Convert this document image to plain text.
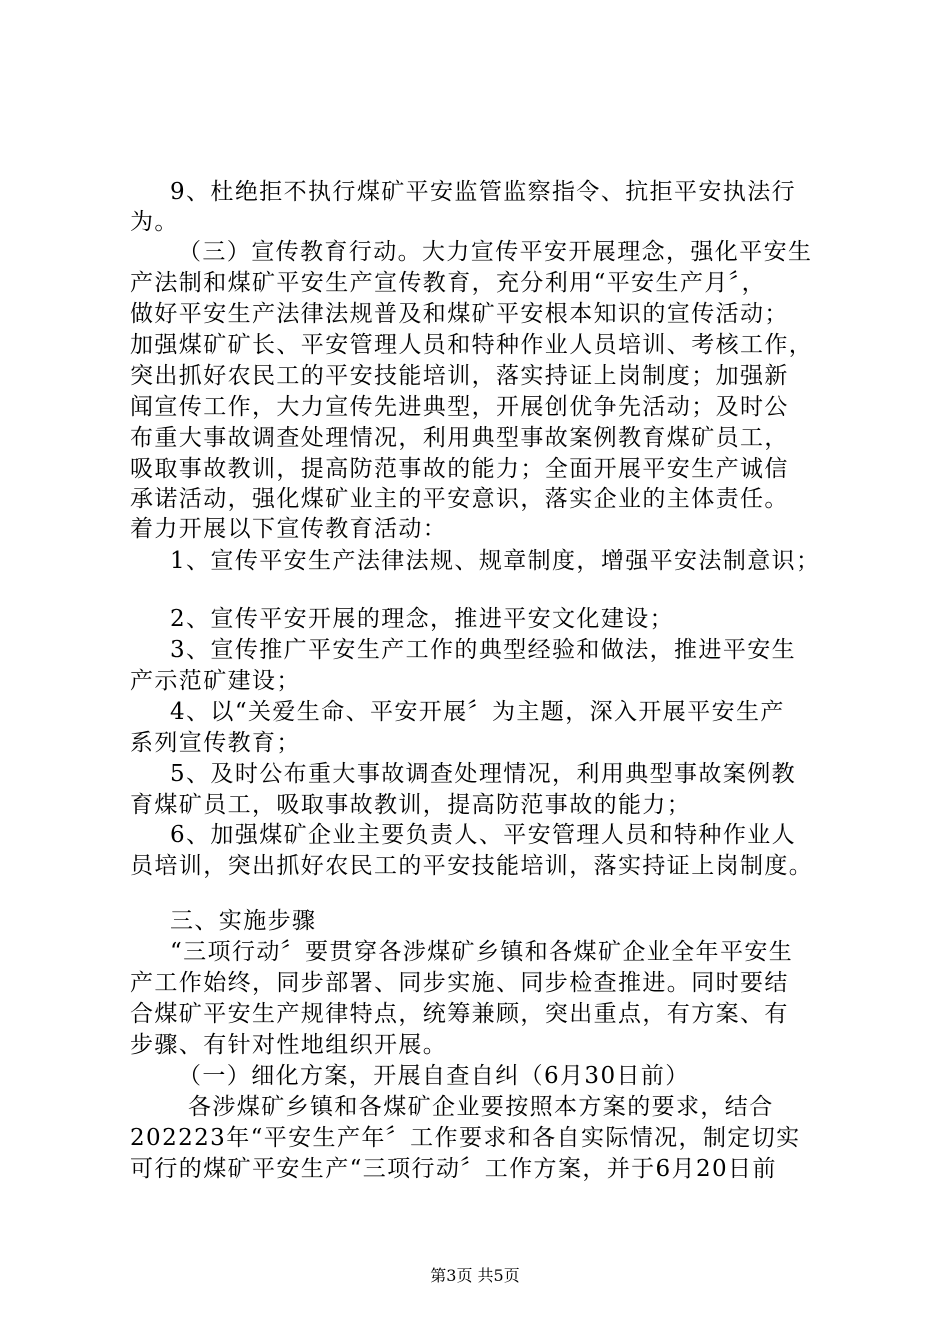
9、杜绝拒不执行煤矿平安监管监察指令、抗拒平安执法行

为。

（三）宣传教育行动。大力宣传平安开展理念，强化平安生

产法制和煤矿平安生产宣传教育，充分利用“平安生产月〞，

做好平安生产法律法规普及和煤矿平安根本知识的宣传活动；

加强煤矿矿长、平安管理人员和特种作业人员培训、考核工作，

突出抓好农民工的平安技能培训，落实持证上岗制度；加强新

闻宣传工作，大力宣传先进典型，开展创优争先活动；及时公

布重大事故调查处理情况，利用典型事故案例教育煤矿员工，

吸取事故教训，提高防范事故的能力；全面开展平安生产诚信

承诺活动，强化煤矿业主的平安意识，落实企业的主体责任。

着力开展以下宣传教育活动：

1、宣传平安生产法律法规、规章制度，增强平安法制意识；

2、宣传平安开展的理念，推进平安文化建设；

3、宣传推广平安生产工作的典型经验和做法，推进平安生

产示范矿建设；

4、以“关爱生命、平安开展〞为主题，深入开展平安生产

系列宣传教育；

5、及时公布重大事故调查处理情况，利用典型事故案例教

育煤矿员工，吸取事故教训，提高防范事故的能力；

6、加强煤矿企业主要负责人、平安管理人员和特种作业人

员培训，突出抓好农民工的平安技能培训，落实持证上岗制度。

三、实施步骤

“三项行动〞要贯穿各涉煤矿乡镇和各煤矿企业全年平安生

产工作始终，同步部署、同步实施、同步检查推进。同时要结

合煤矿平安生产规律特点，统筹兼顾，突出重点，有方案、有

步骤、有针对性地组织开展。

（一）细化方案，开展自查自纠（6月30日前）

各涉煤矿乡镇和各煤矿企业要按照本方案的要求，结合

202223年“平安生产年〞工作要求和各自实际情况，制定切实

可行的煤矿平安生产“三项行动〞工作方案，并于6月20日前

第3页 共5页
